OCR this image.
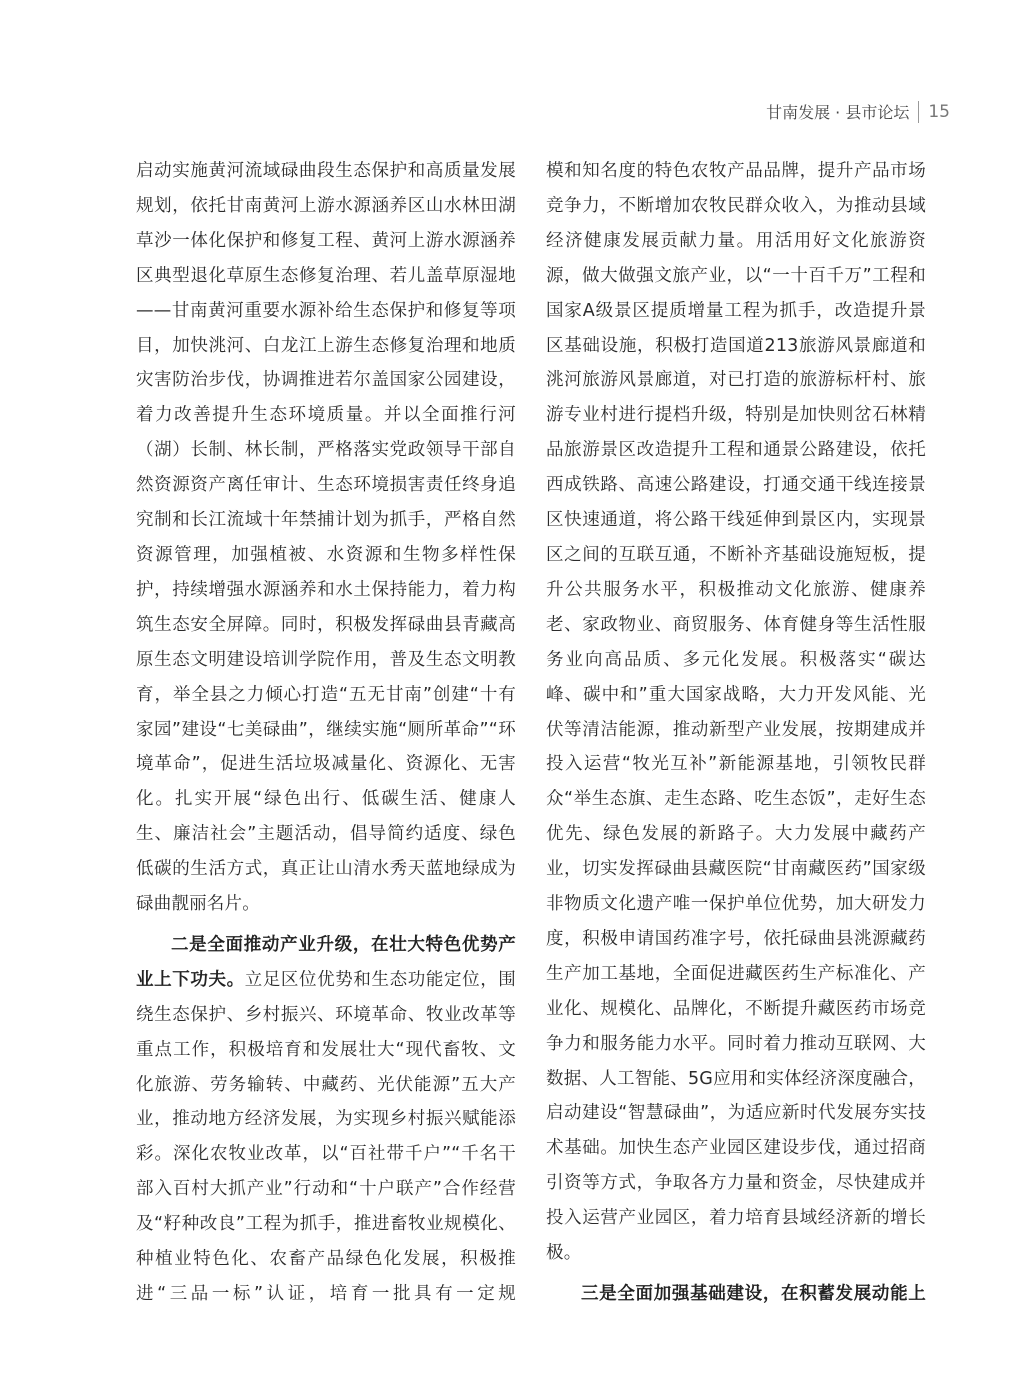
甘南发展 · 县市论坛 15

启动实施黄河流域碌曲段生态保护和高质量发展规划，依托甘南黄河上游水源涵养区山水林田湖草沙一体化保护和修复工程、黄河上游水源涵养区典型退化草原生态修复治理、若儿盖草原湿地——甘南黄河重要水源补给生态保护和修复等项目，加快洮河、白龙江上游生态修复治理和地质灾害防治步伐，协调推进若尔盖国家公园建设，着力改善提升生态环境质量。并以全面推行河（湖）长制、林长制，严格落实党政领导干部自然资源资产离任审计、生态环境损害责任终身追究制和长江流域十年禁捕计划为抓手，严格自然资源管理，加强植被、水资源和生物多样性保护，持续增强水源涵养和水土保持能力，着力构筑生态安全屏障。同时，积极发挥碌曲县青藏高原生态文明建设培训学院作用，普及生态文明教育，举全县之力倾心打造“五无甘南”创建“十有家园”建设“七美碌曲”，继续实施“厕所革命”“环境革命”，促进生活垃圾减量化、资源化、无害化。扎实开展“绿色出行、低碳生活、健康人生、廉洁社会”主题活动，倡导简约适度、绿色低碳的生活方式，真正让山清水秀天蓝地绿成为碌曲靓丽名片。

二是全面推动产业升级，在壮大特色优势产业上下功夫。立足区位优势和生态功能定位，围绕生态保护、乡村振兴、环境革命、牧业改革等重点工作，积极培育和发展壮大“现代畜牧、文化旅游、劳务输转、中藏药、光伏能源”五大产业，推动地方经济发展，为实现乡村振兴赋能添彩。深化农牧业改革，以“百社带千户”“千名干部入百村大抓产业”行动和“十户联产”合作经营及“籽种改良”工程为抓手，推进畜牧业规模化、种植业特色化、农畜产品绿色化发展，积极推进“三品一标”认证，培育一批具有一定规

模和知名度的特色农牧产品品牌，提升产品市场竞争力，不断增加农牧民群众收入，为推动县域经济健康发展贡献力量。用活用好文化旅游资源，做大做强文旅产业，以“一十百千万”工程和国家A级景区提质增量工程为抓手，改造提升景区基础设施，积极打造国道213旅游风景廊道和洮河旅游风景廊道，对已打造的旅游标杆村、旅游专业村进行提档升级，特别是加快则岔石林精品旅游景区改造提升工程和通景公路建设，依托西成铁路、高速公路建设，打通交通干线连接景区快速通道，将公路干线延伸到景区内，实现景区之间的互联互通，不断补齐基础设施短板，提升公共服务水平，积极推动文化旅游、健康养老、家政物业、商贸服务、体育健身等生活性服务业向高品质、多元化发展。积极落实“碳达峰、碳中和”重大国家战略，大力开发风能、光伏等清洁能源，推动新型产业发展，按期建成并投入运营“牧光互补”新能源基地，引领牧民群众“举生态旗、走生态路、吃生态饭”，走好生态优先、绿色发展的新路子。大力发展中藏药产业，切实发挥碌曲县藏医院“甘南藏医药”国家级非物质文化遗产唯一保护单位优势，加大研发力度，积极申请国药准字号，依托碌曲县洮源藏药生产加工基地，全面促进藏医药生产标准化、产业化、规模化、品牌化，不断提升藏医药市场竞争力和服务能力水平。同时着力推动互联网、大数据、人工智能、5G应用和实体经济深度融合，启动建设“智慧碌曲”，为适应新时代发展夯实技术基础。加快生态产业园区建设步伐，通过招商引资等方式，争取各方力量和资金，尽快建成并投入运营产业园区，着力培育县域经济新的增长极。

三是全面加强基础建设，在积蓄发展动能上
